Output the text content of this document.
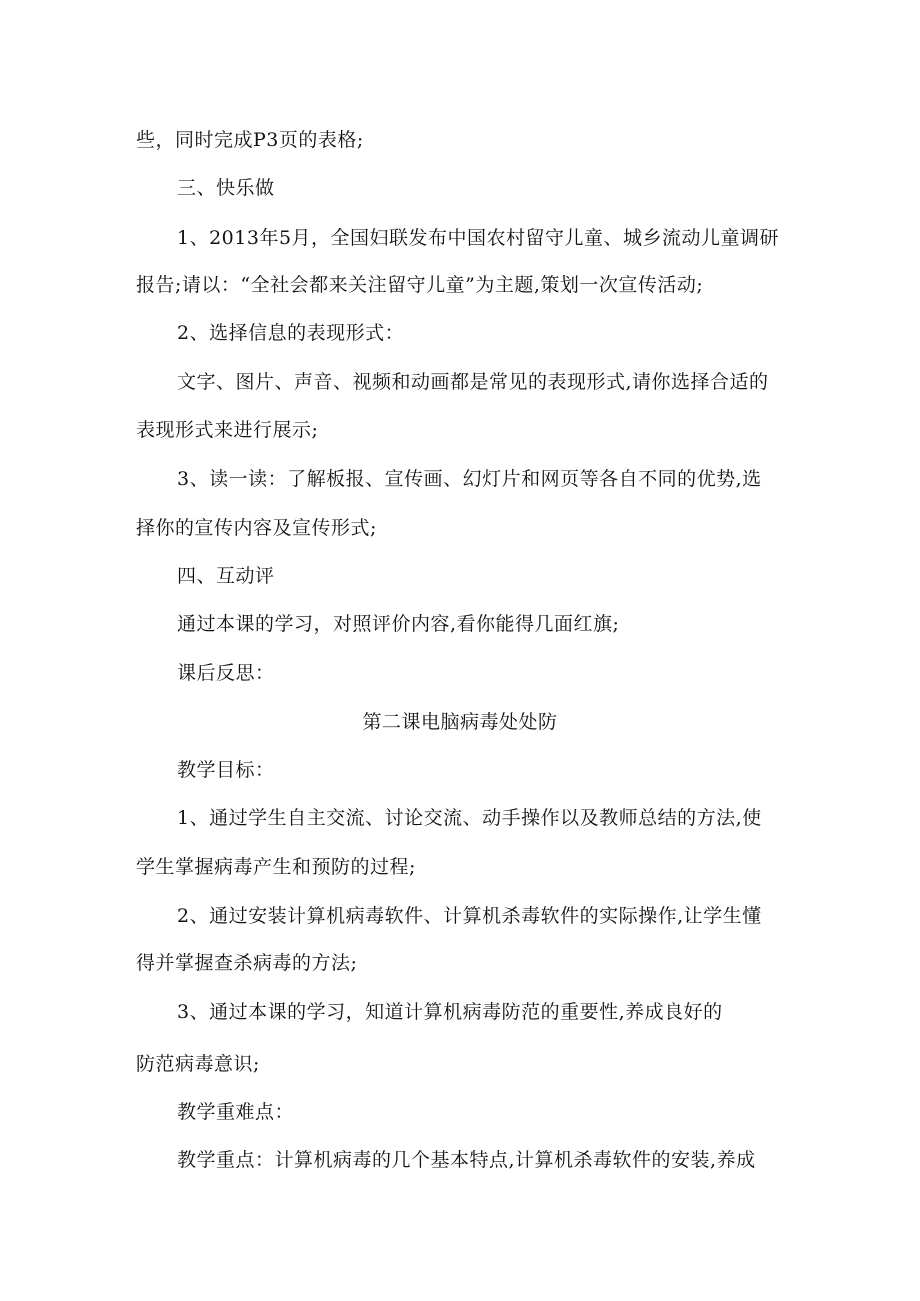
些，同时完成P3页的表格;
三、快乐做
1、2013年5月，全国妇联发布中国农村留守儿童、城乡流动儿童调研
报告;请以：“全社会都来关注留守儿童”为主题,策划一次宣传活动;
2、选择信息的表现形式：
文字、图片、声音、视频和动画都是常见的表现形式,请你选择合适的
表现形式来进行展示;
3、读一读：了解板报、宣传画、幻灯片和网页等各自不同的优势,选
择你的宣传内容及宣传形式;
四、互动评
通过本课的学习，对照评价内容,看你能得几面红旗;
课后反思：
第二课电脑病毒处处防
教学目标：
1、通过学生自主交流、讨论交流、动手操作以及教师总结的方法,使
学生掌握病毒产生和预防的过程;
2、通过安装计算机病毒软件、计算机杀毒软件的实际操作,让学生懂
得并掌握查杀病毒的方法;
3、通过本课的学习，知道计算机病毒防范的重要性,养成良好的
防范病毒意识;
教学重难点：
教学重点：计算机病毒的几个基本特点,计算机杀毒软件的安装,养成
